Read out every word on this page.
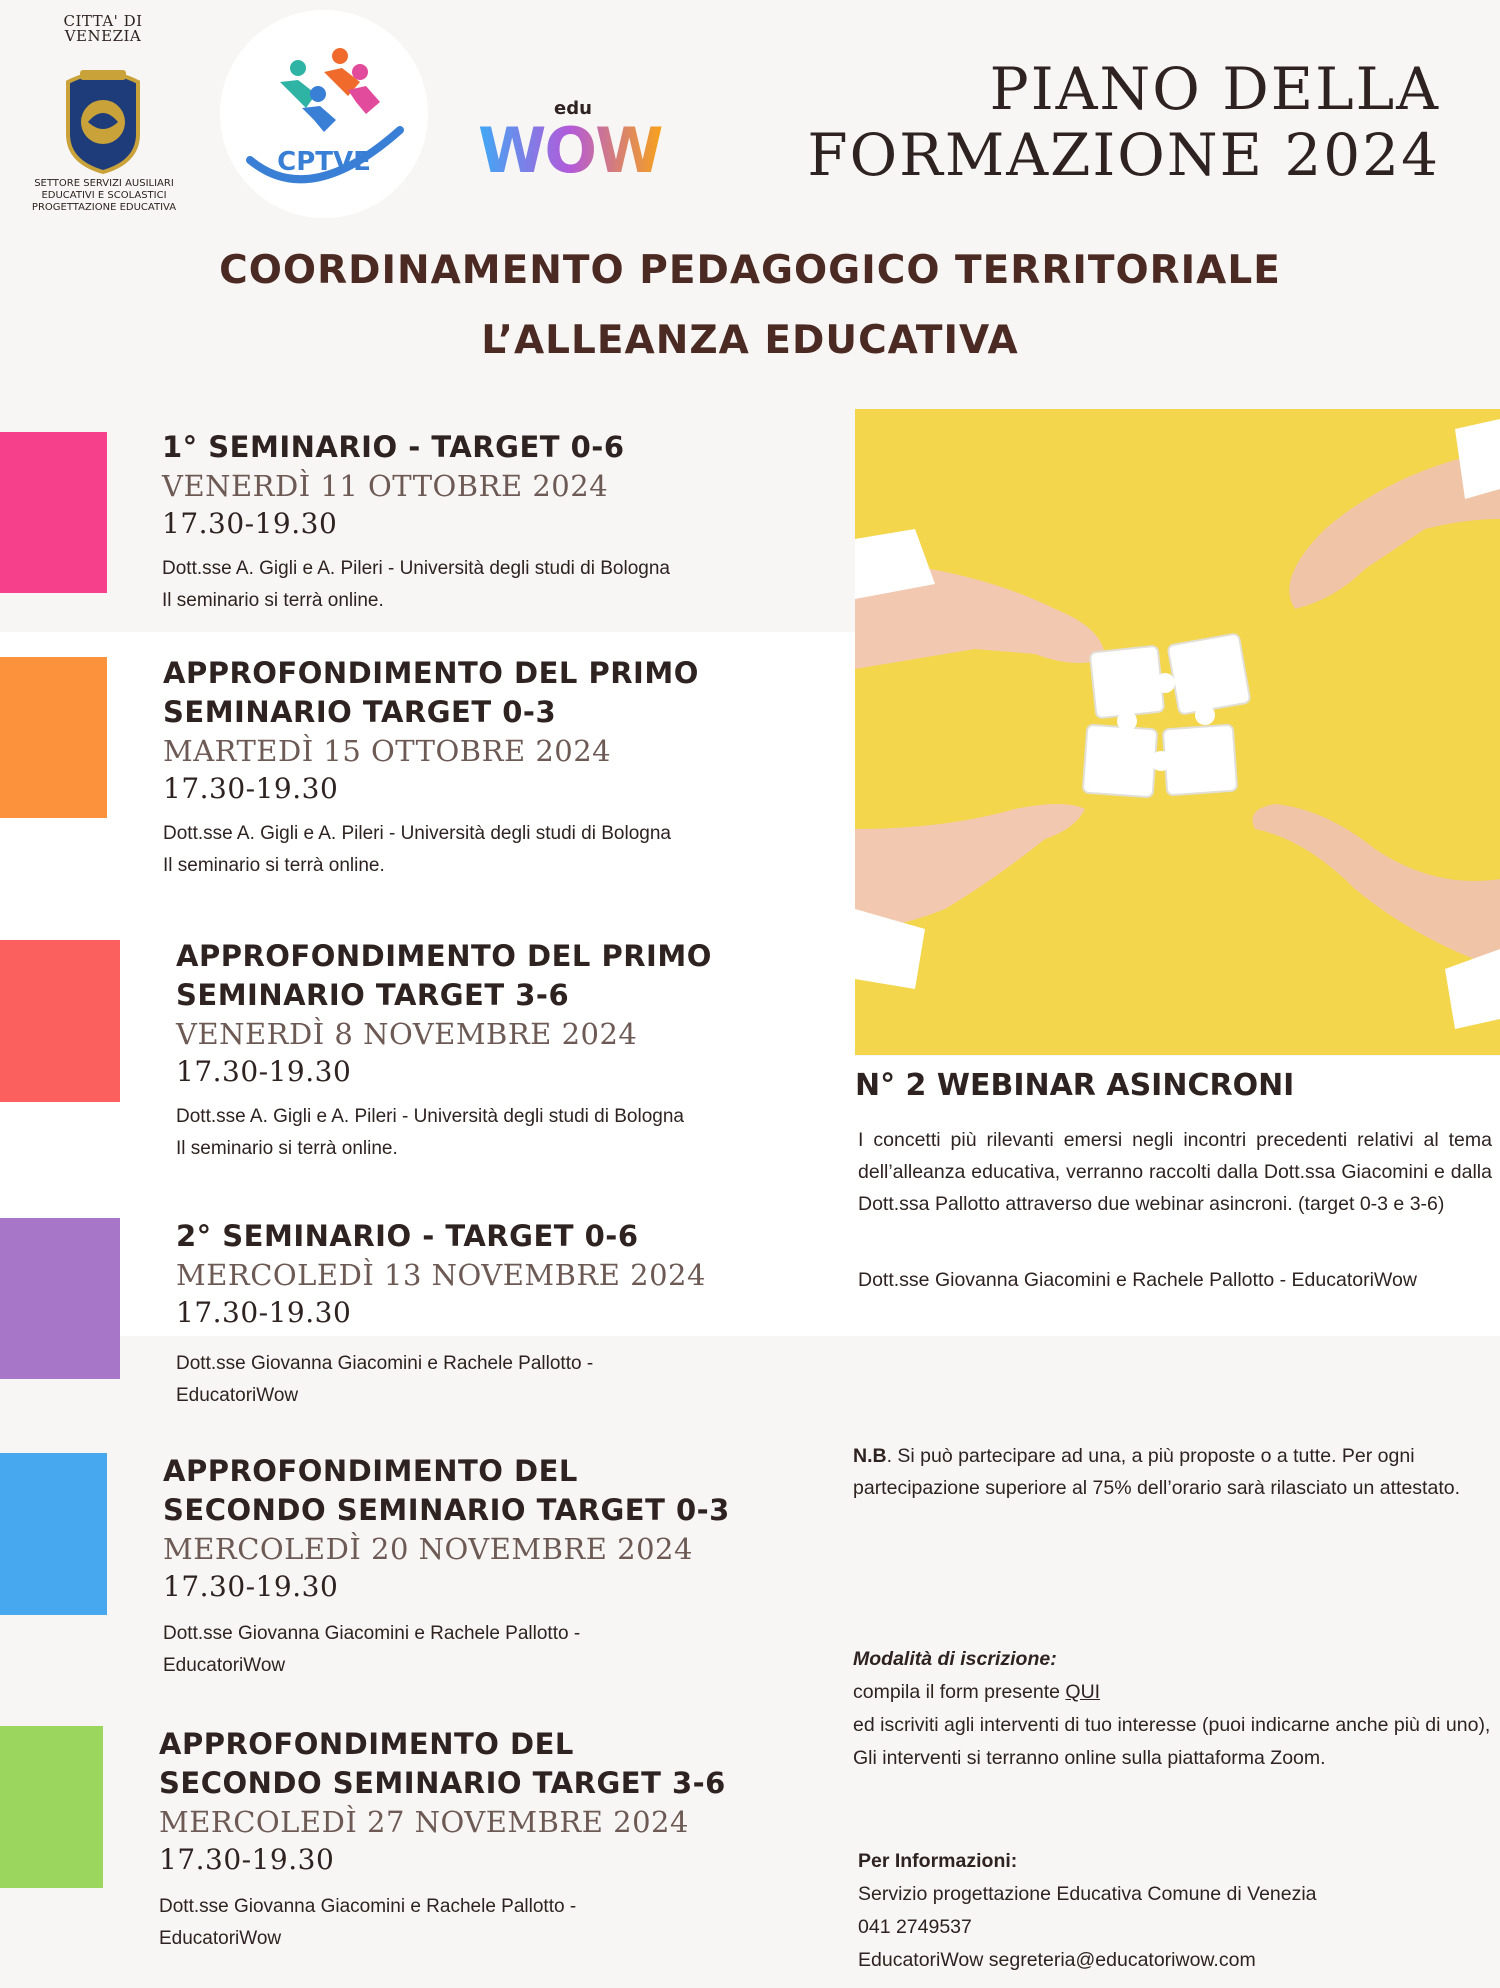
CITTA' DI VENEZIA
SETTORE SERVIZI AUSILIARI
EDUCATIVI E SCOLASTICI
PROGETTAZIONE EDUCATIVA
CPTVE
edu
WOW
PIANO DELLA
FORMAZIONE 2024
COORDINAMENTO PEDAGOGICO TERRITORIALE
L’ALLEANZA EDUCATIVA
1° SEMINARIO - TARGET 0-6
VENERDÌ 11 OTTOBRE 2024
17.30-19.30
Dott.sse A. Gigli e A. Pileri - Università degli studi di Bologna
Il seminario si terrà online.
APPROFONDIMENTO DEL PRIMO
SEMINARIO TARGET 0-3
MARTEDÌ 15 OTTOBRE 2024
17.30-19.30
Dott.sse A. Gigli e A. Pileri - Università degli studi di Bologna
Il seminario si terrà online.
APPROFONDIMENTO DEL PRIMO
SEMINARIO TARGET 3-6
VENERDÌ 8 NOVEMBRE 2024
17.30-19.30
Dott.sse A. Gigli e A. Pileri - Università degli studi di Bologna
Il seminario si terrà online.
2° SEMINARIO - TARGET 0-6
MERCOLEDÌ 13 NOVEMBRE 2024
17.30-19.30
Dott.sse Giovanna Giacomini e Rachele Pallotto -
EducatoriWow
APPROFONDIMENTO DEL
SECONDO SEMINARIO TARGET 0-3
MERCOLEDÌ 20 NOVEMBRE 2024
17.30-19.30
Dott.sse Giovanna Giacomini e Rachele Pallotto -
EducatoriWow
APPROFONDIMENTO DEL
SECONDO SEMINARIO TARGET 3-6
MERCOLEDÌ 27 NOVEMBRE 2024
17.30-19.30
Dott.sse Giovanna Giacomini e Rachele Pallotto -
EducatoriWow
N° 2 WEBINAR ASINCRONI
I concetti più rilevanti emersi negli incontri precedenti relativi al tema dell’alleanza educativa, verranno raccolti dalla Dott.ssa Giacomini e dalla Dott.ssa Pallotto attraverso due webinar asincroni. (target 0-3 e 3-6)
Dott.sse Giovanna Giacomini e Rachele Pallotto - EducatoriWow
N.B. Si può partecipare ad una, a più proposte o a tutte. Per ogni partecipazione superiore al 75% dell’orario sarà rilasciato un attestato.
Modalità di iscrizione:
compila il form presente QUI
ed iscriviti agli interventi di tuo interesse (puoi indicarne anche più di uno),
Gli interventi si terranno online sulla piattaforma Zoom.
Per Informazioni:
Servizio progettazione Educativa Comune di Venezia
041 2749537
EducatoriWow segreteria@educatoriwow.com
